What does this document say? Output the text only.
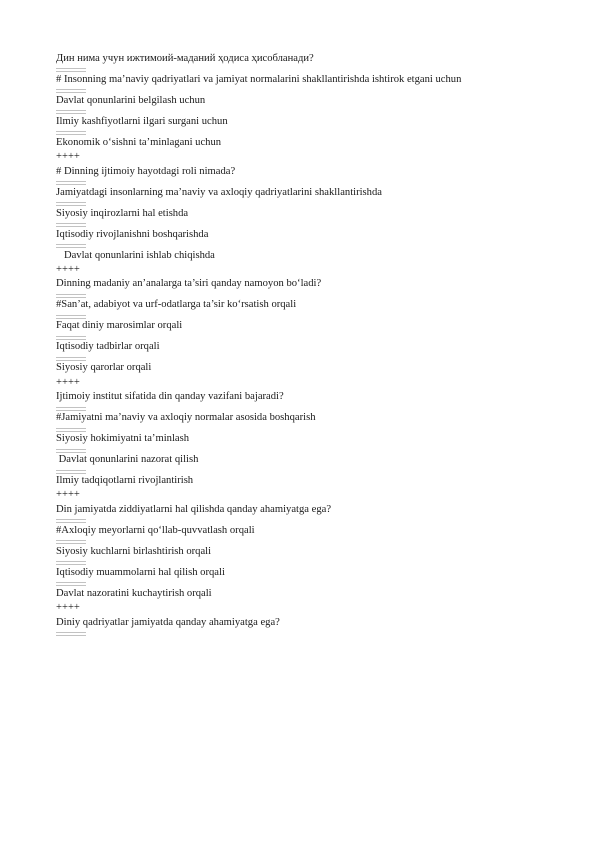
Дин нима учун ижтимоий-маданий ҳодиса ҳисобланади?
# Insonning ma’naviy qadriyatlari va jamiyat normalarini shakllantirishda ishtirok etgani uchun
Davlat qonunlarini belgilash uchun
Ilmiy kashfiyotlarni ilgari surgani uchun
Ekonomik o‘sishni ta’minlagani uchun
++++
# Dinning ijtimoiy hayotdagi roli nimada?
Jamiyatdagi insonlarning ma’naviy va axloqiy qadriyatlarini shakllantirishda
Siyosiy inqirozlarni hal etishda
Iqtisodiy rivojlanishni boshqarishda
Davlat qonunlarini ishlab chiqishda
++++
Dinning madaniy an’analarga ta’siri qanday namoyon bo‘ladi?
#San’at, adabiyot va urf-odatlarga ta’sir ko‘rsatish orqali
Faqat diniy marosimlar orqali
Iqtisodiy tadbirlar orqali
Siyosiy qarorlar orqali
++++
Ijtimoiy institut sifatida din qanday vazifani bajaradi?
#Jamiyatni ma’naviy va axloqiy normalar asosida boshqarish
Siyosiy hokimiyatni ta’minlash
Davlat qonunlarini nazorat qilish
Ilmiy tadqiqotlarni rivojlantirish
++++
Din jamiyatda ziddiyatlarni hal qilishda qanday ahamiyatga ega?
#Axloqiy meyorlarni qo‘llab-quvvatlash orqali
Siyosiy kuchlarni birlashtirish orqali
Iqtisodiy muammolarni hal qilish orqali
Davlat nazoratini kuchaytirish orqali
++++
Diniy qadriyatlar jamiyatda qanday ahamiyatga ega?
